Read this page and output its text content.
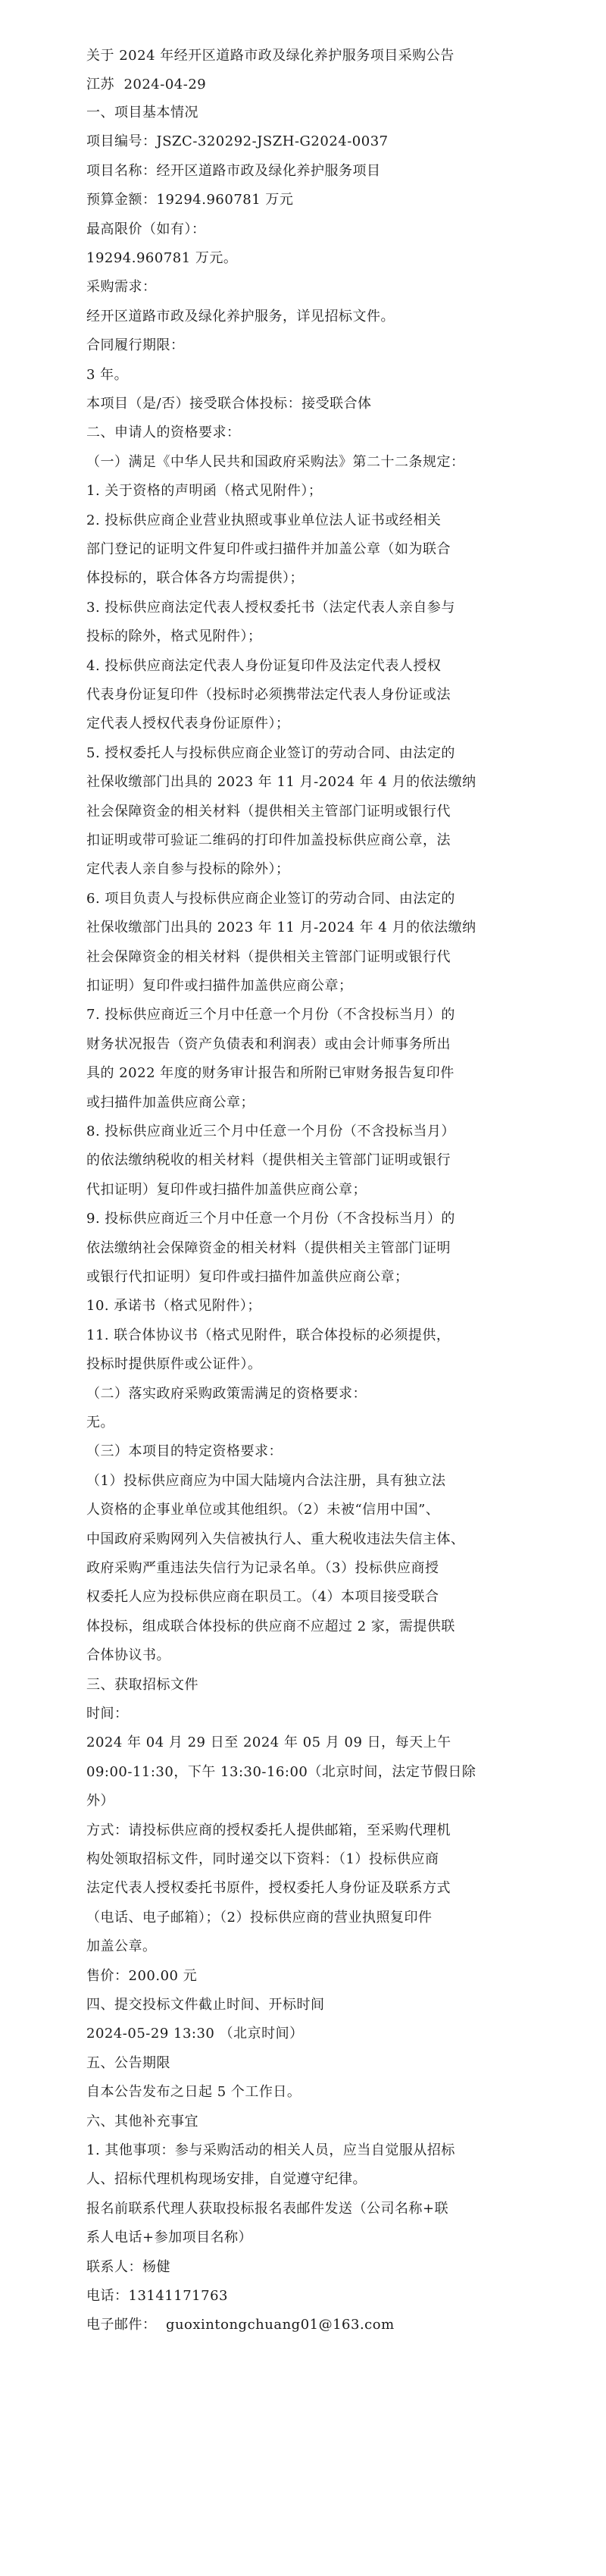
关于 2024 年经开区道路市政及绿化养护服务项目采购公告

江苏  2024-04-29

一、项目基本情况

项目编号：JSZC-320292-JSZH-G2024-0037

项目名称：经开区道路市政及绿化养护服务项目

预算金额：19294.960781 万元

最高限价（如有）：

19294.960781 万元。

采购需求：

经开区道路市政及绿化养护服务，详见招标文件。

合同履行期限：

3 年。

本项目（是/否）接受联合体投标：接受联合体

二、申请人的资格要求：

（一）满足《中华人民共和国政府采购法》第二十二条规定：

1. 关于资格的声明函（格式见附件）；

2. 投标供应商企业营业执照或事业单位法人证书或经相关

部门登记的证明文件复印件或扫描件并加盖公章（如为联合

体投标的，联合体各方均需提供）；

3. 投标供应商法定代表人授权委托书（法定代表人亲自参与

投标的除外，格式见附件）；

4. 投标供应商法定代表人身份证复印件及法定代表人授权

代表身份证复印件（投标时必须携带法定代表人身份证或法

定代表人授权代表身份证原件）；

5. 授权委托人与投标供应商企业签订的劳动合同、由法定的

社保收缴部门出具的 2023 年 11 月-2024 年 4 月的依法缴纳

社会保障资金的相关材料（提供相关主管部门证明或银行代

扣证明或带可验证二维码的打印件加盖投标供应商公章，法

定代表人亲自参与投标的除外）；

6. 项目负责人与投标供应商企业签订的劳动合同、由法定的

社保收缴部门出具的 2023 年 11 月-2024 年 4 月的依法缴纳

社会保障资金的相关材料（提供相关主管部门证明或银行代

扣证明）复印件或扫描件加盖供应商公章；

7. 投标供应商近三个月中任意一个月份（不含投标当月）的

财务状况报告（资产负债表和利润表）或由会计师事务所出

具的 2022 年度的财务审计报告和所附已审财务报告复印件

或扫描件加盖供应商公章；

8. 投标供应商业近三个月中任意一个月份（不含投标当月）

的依法缴纳税收的相关材料（提供相关主管部门证明或银行

代扣证明）复印件或扫描件加盖供应商公章；

9. 投标供应商近三个月中任意一个月份（不含投标当月）的

依法缴纳社会保障资金的相关材料（提供相关主管部门证明

或银行代扣证明）复印件或扫描件加盖供应商公章；

10. 承诺书（格式见附件）；

11. 联合体协议书（格式见附件，联合体投标的必须提供，

投标时提供原件或公证件）。

（二）落实政府采购政策需满足的资格要求：

无。

（三）本项目的特定资格要求：

（1）投标供应商应为中国大陆境内合法注册，具有独立法

人资格的企事业单位或其他组织。（2）未被“信用中国”、

中国政府采购网列入失信被执行人、重大税收违法失信主体、

政府采购严重违法失信行为记录名单。（3）投标供应商授

权委托人应为投标供应商在职员工。（4）本项目接受联合

体投标，组成联合体投标的供应商不应超过 2 家，需提供联

合体协议书。

三、获取招标文件

时间：

2024 年 04 月 29 日至 2024 年 05 月 09 日，每天上午

09:00-11:30，下午 13:30-16:00（北京时间，法定节假日除

外）

方式：请投标供应商的授权委托人提供邮箱，至采购代理机

构处领取招标文件，同时递交以下资料：（1）投标供应商

法定代表人授权委托书原件，授权委托人身份证及联系方式

（电话、电子邮箱）；（2）投标供应商的营业执照复印件

加盖公章。

售价：200.00 元

四、提交投标文件截止时间、开标时间

2024-05-29 13:30 （北京时间）

五、公告期限

自本公告发布之日起 5 个工作日。

六、其他补充事宜

1. 其他事项：参与采购活动的相关人员，应当自觉服从招标

人、招标代理机构现场安排，自觉遵守纪律。

报名前联系代理人获取投标报名表邮件发送（公司名称+联

系人电话+参加项目名称）

联系人：杨健

电话：13141171763

电子邮件：  guoxintongchuang01@163.com
